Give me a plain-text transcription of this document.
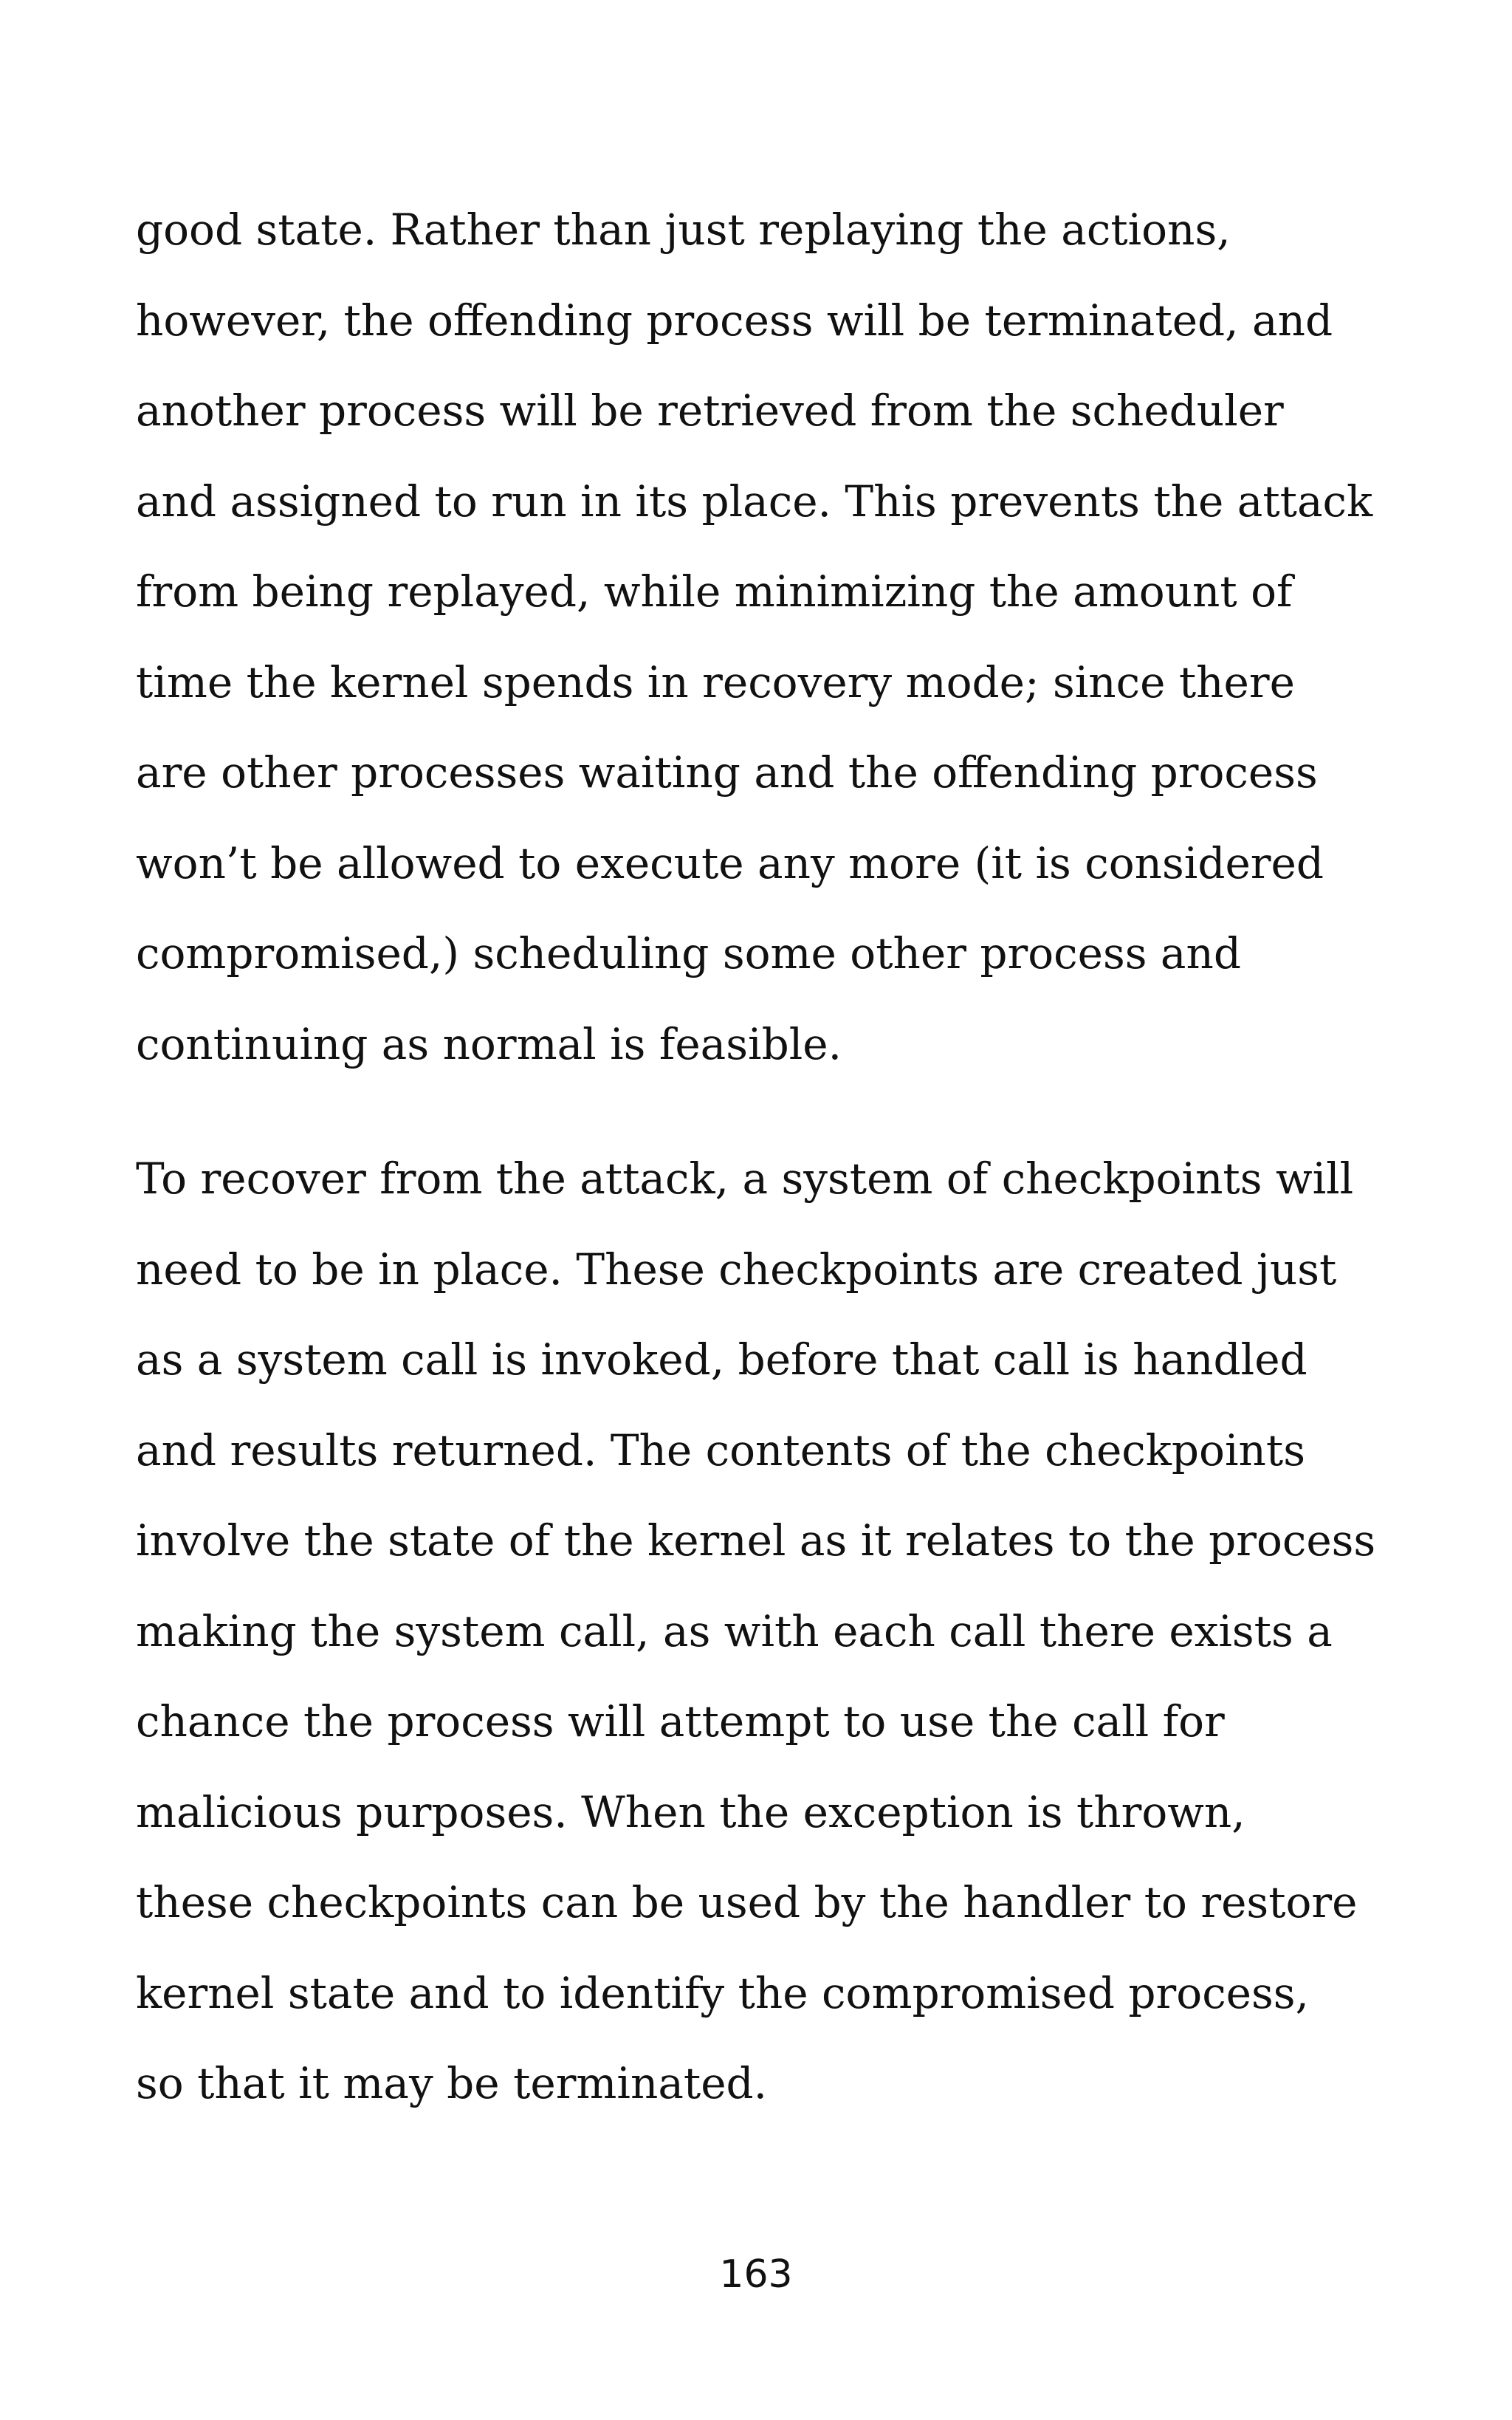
good state. Rather than just replaying the actions,
however, the offending process will be terminated, and
another process will be retrieved from the scheduler
and assigned to run in its place. This prevents the attack
from being replayed, while minimizing the amount of
time the kernel spends in recovery mode; since there
are other processes waiting and the offending process
won’t be allowed to execute any more (it is considered
compromised,) scheduling some other process and
continuing as normal is feasible.
To recover from the attack, a system of checkpoints will
need to be in place. These checkpoints are created just
as a system call is invoked, before that call is handled
and results returned. The contents of the checkpoints
involve the state of the kernel as it relates to the process
making the system call, as with each call there exists a
chance the process will attempt to use the call for
malicious purposes. When the exception is thrown,
these checkpoints can be used by the handler to restore
kernel state and to identify the compromised process,
so that it may be terminated.
163
